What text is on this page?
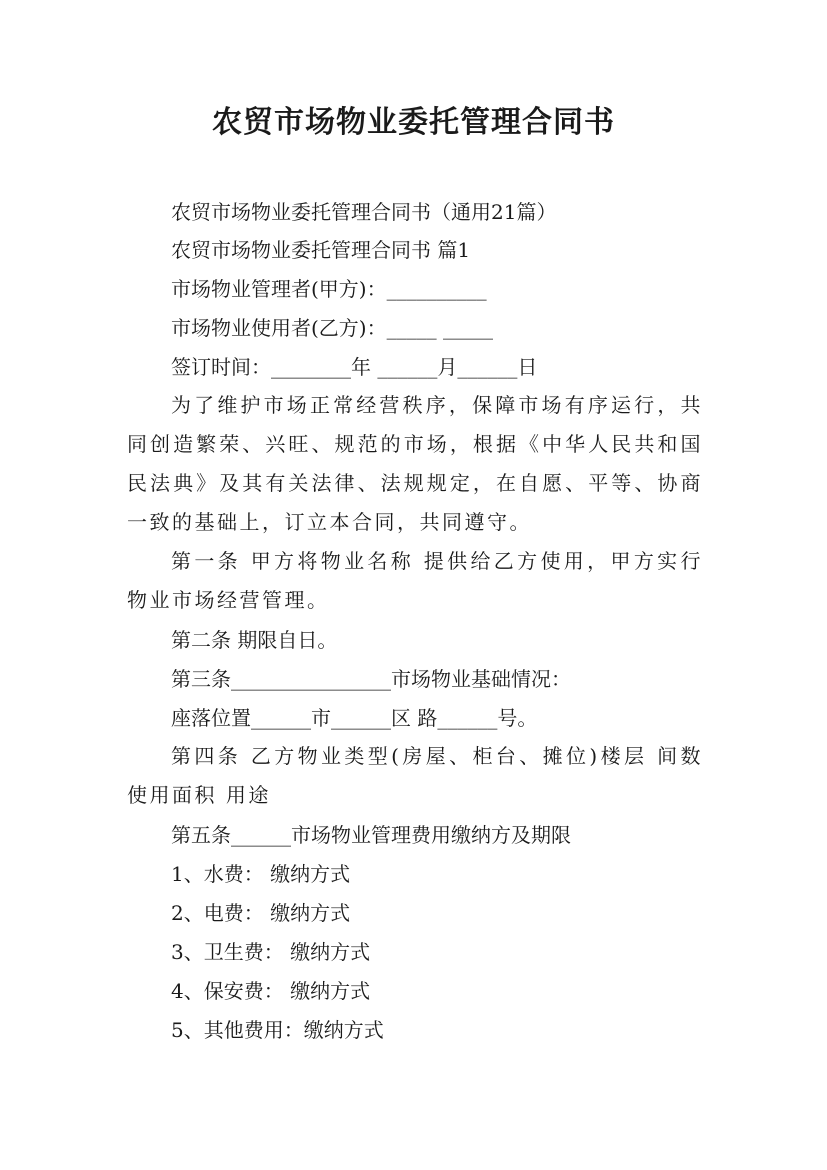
农贸市场物业委托管理合同书
农贸市场物业委托管理合同书（通用21篇）
农贸市场物业委托管理合同书 篇1
市场物业管理者(甲方)：__________
市场物业使用者(乙方)：_____ _____
签订时间：________年 ______月______日
为了维护市场正常经营秩序，保障市场有序运行，共同创造繁荣、兴旺、规范的市场，根据《中华人民共和国民法典》及其有关法律、法规规定，在自愿、平等、协商一致的基础上，订立本合同，共同遵守。
第一条 甲方将物业名称 提供给乙方使用，甲方实行物业市场经营管理。
第二条 期限自日。
第三条________________市场物业基础情况：
座落位置______市______区 路______号。
第四条 乙方物业类型(房屋、柜台、摊位)楼层 间数使用面积 用途
第五条______市场物业管理费用缴纳方及期限
1、水费： 缴纳方式
2、电费： 缴纳方式
3、卫生费： 缴纳方式
4、保安费： 缴纳方式
5、其他费用：缴纳方式
